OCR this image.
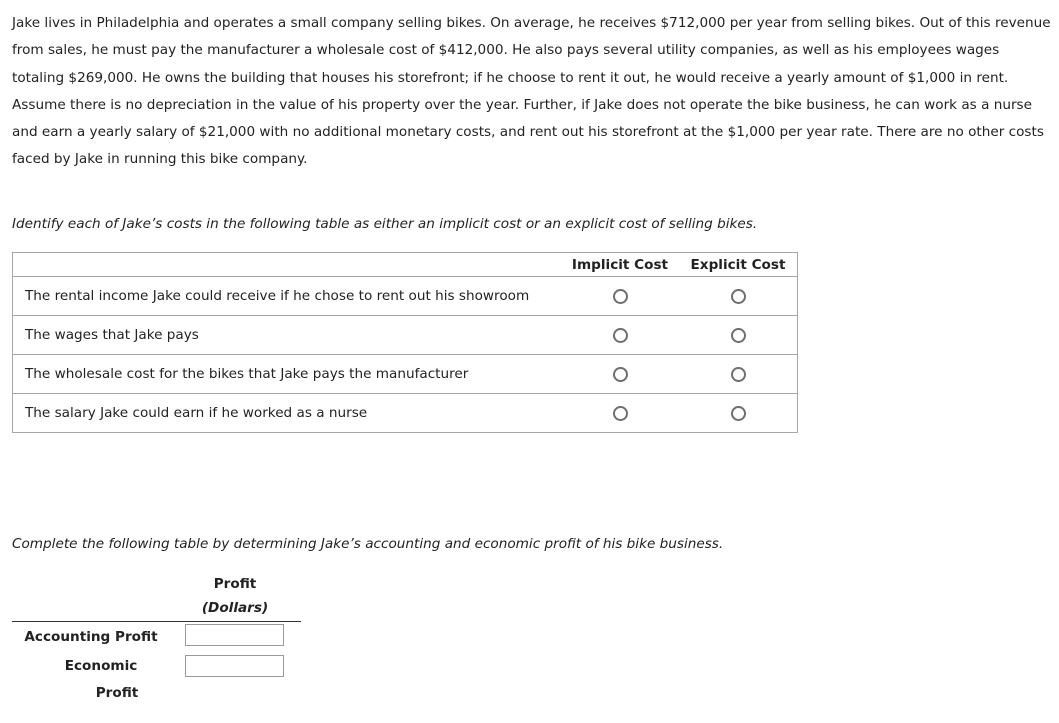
Jake lives in Philadelphia and operates a small company selling bikes. On average, he receives $712,000 per year from selling bikes. Out of this revenue from sales, he must pay the manufacturer a wholesale cost of $412,000. He also pays several utility companies, as well as his employees wages totaling $269,000. He owns the building that houses his storefront; if he choose to rent it out, he would receive a yearly amount of $1,000 in rent. Assume there is no depreciation in the value of his property over the year. Further, if Jake does not operate the bike business, he can work as a nurse and earn a yearly salary of $21,000 with no additional monetary costs, and rent out his storefront at the $1,000 per year rate. There are no other costs faced by Jake in running this bike company.

Identify each of Jake’s costs in the following table as either an implicit cost or an explicit cost of selling bikes.

	Implicit Cost	Explicit Cost
The rental income Jake could receive if he chose to rent out his showroom		
The wages that Jake pays		
The wholesale cost for the bikes that Jake pays the manufacturer		
The salary Jake could earn if he worked as a nurse		

Complete the following table by determining Jake’s accounting and economic profit of his bike business.

Profit
(Dollars)
Accounting Profit
Economic
Profit
